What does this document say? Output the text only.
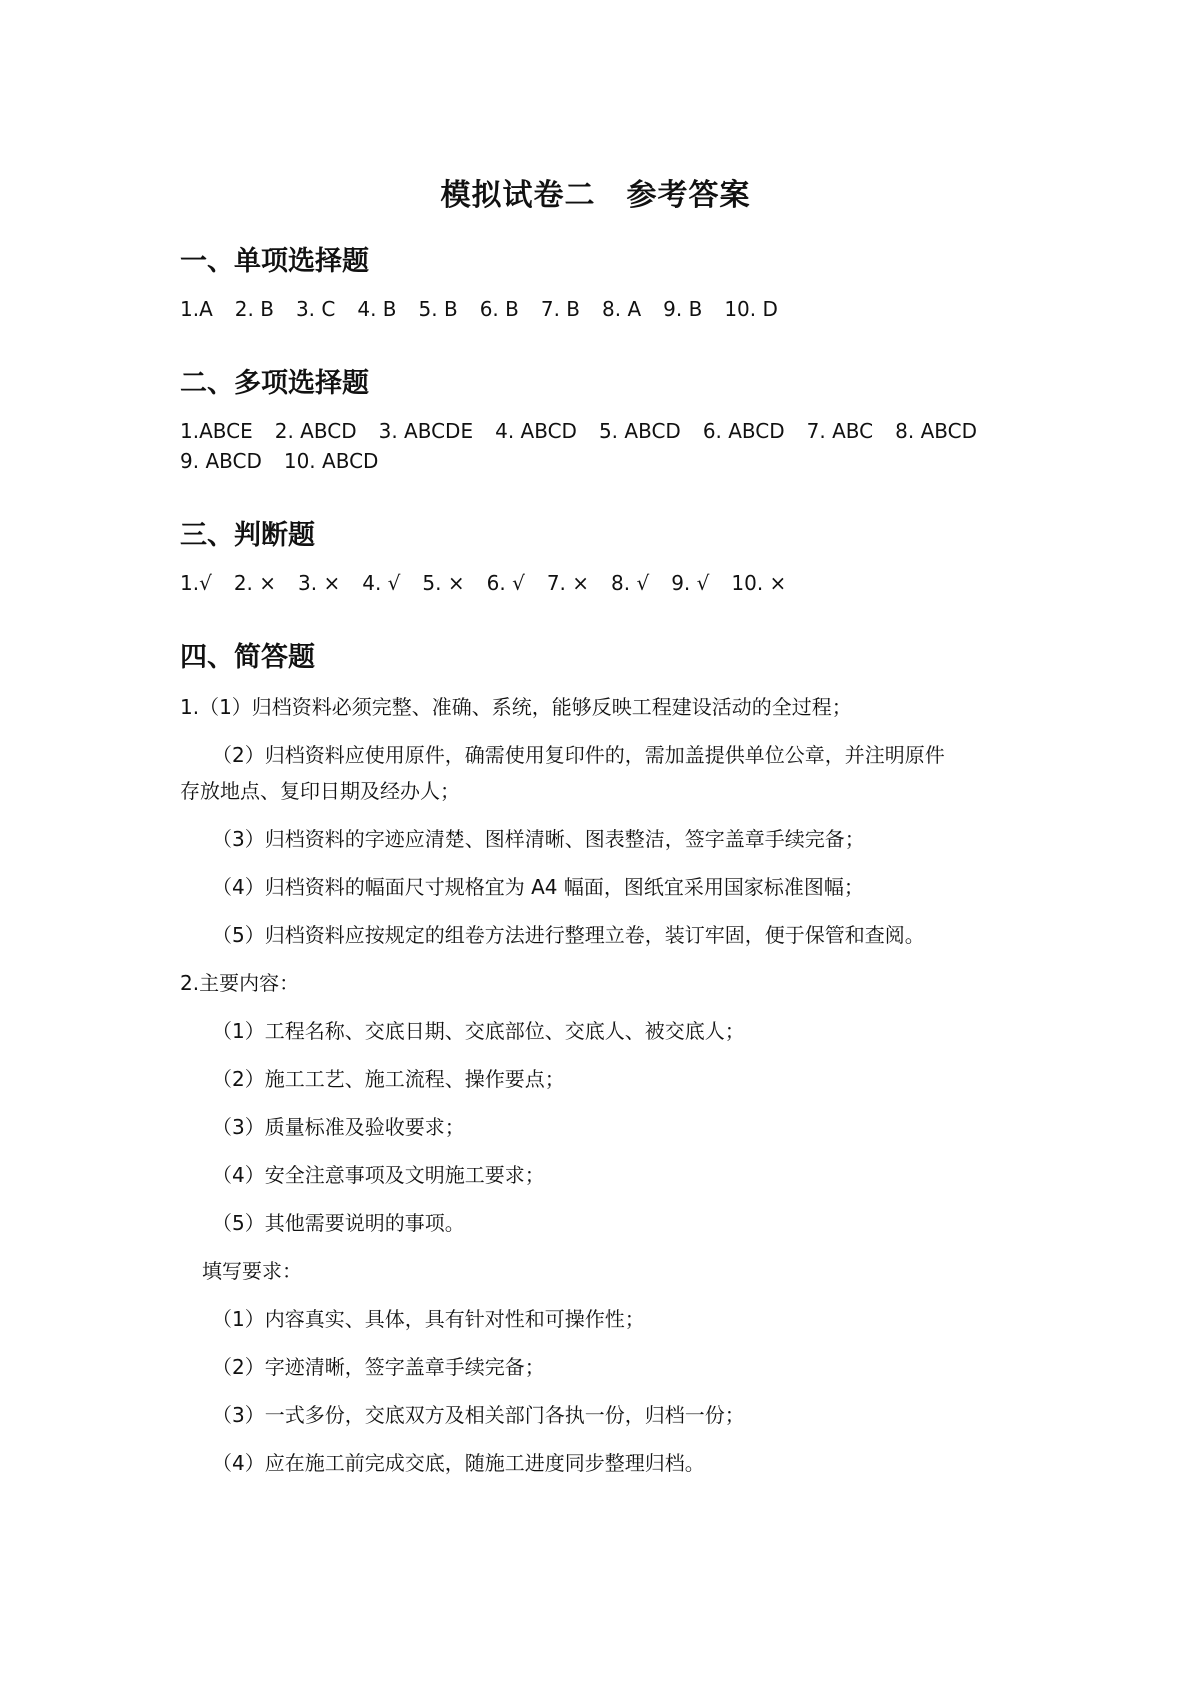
模拟试卷二　参考答案
一、单项选择题
1.A 2. B 3. C 4. B 5. B 6. B 7. B 8. A 9. B 10. D
二、多项选择题
1.ABCE 2. ABCD 3. ABCDE 4. ABCD 5. ABCD 6. ABCD 7. ABC 8. ABCD
9. ABCD 10. ABCD
三、判断题
1.√ 2. × 3. × 4. √ 5. × 6. √ 7. × 8. √ 9. √ 10. ×
四、简答题
1.（1）归档资料必须完整、准确、系统，能够反映工程建设活动的全过程；
（2）归档资料应使用原件，确需使用复印件的，需加盖提供单位公章，并注明原件
存放地点、复印日期及经办人；
（3）归档资料的字迹应清楚、图样清晰、图表整洁，签字盖章手续完备；
（4）归档资料的幅面尺寸规格宜为 A4 幅面，图纸宜采用国家标准图幅；
（5）归档资料应按规定的组卷方法进行整理立卷，装订牢固，便于保管和查阅。
2.主要内容：
（1）工程名称、交底日期、交底部位、交底人、被交底人；
（2）施工工艺、施工流程、操作要点；
（3）质量标准及验收要求；
（4）安全注意事项及文明施工要求；
（5）其他需要说明的事项。
填写要求：
（1）内容真实、具体，具有针对性和可操作性；
（2）字迹清晰，签字盖章手续完备；
（3）一式多份，交底双方及相关部门各执一份，归档一份；
（4）应在施工前完成交底，随施工进度同步整理归档。
